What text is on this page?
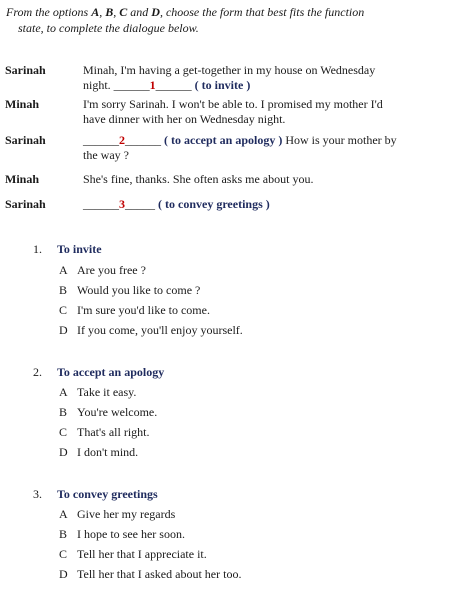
From the options A, B, C and D, choose the form that best fits the function
state, to complete the dialogue below.
Sarinah	Minah, I'm having a get-together in my house on Wednesday
night. ______1______ ( to invite )
Minah	I'm sorry Sarinah. I won't be able to. I promised my mother I'd
have dinner with her on Wednesday night.
Sarinah	______2______ ( to accept an apology ) How is your mother by
the way ?
Minah	She's fine, thanks. She often asks me about you.
Sarinah	______3_____ ( to convey greetings )
1. To invite
A Are you free ?
B Would you like to come ?
C I'm sure you'd like to come.
D If you come, you'll enjoy yourself.
2. To accept an apology
A Take it easy.
B You're welcome.
C That's all right.
D I don't mind.
3. To convey greetings
A Give her my regards
B I hope to see her soon.
C Tell her that I appreciate it.
D Tell her that I asked about her too.
